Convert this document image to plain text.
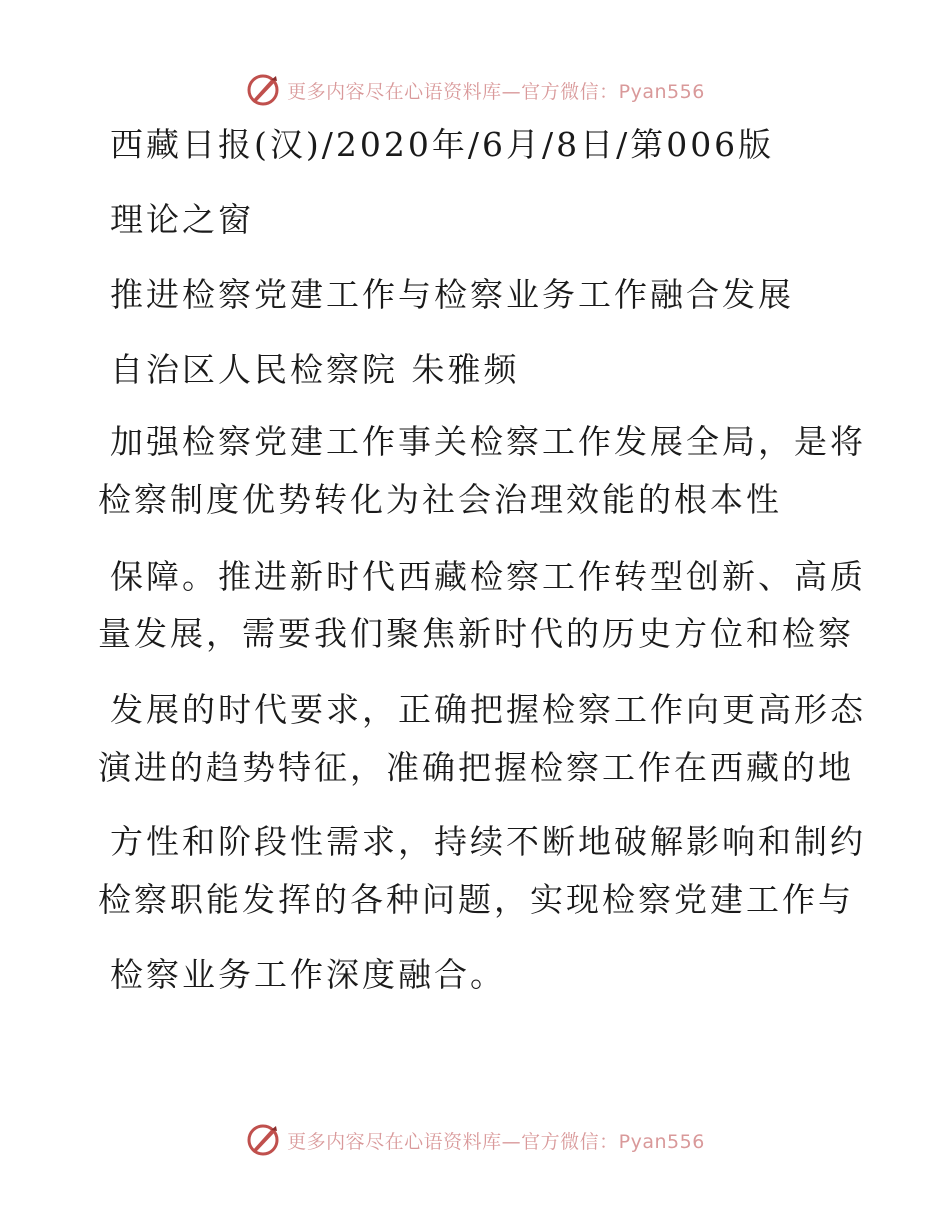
更多内容尽在心语资料库—官方微信：Pyan556
西藏日报(汉)/2020年/6月/8日/第006版
理论之窗
推进检察党建工作与检察业务工作融合发展
自治区人民检察院 朱雅频
加强检察党建工作事关检察工作发展全局，是将
检察制度优势转化为社会治理效能的根本性
保障。推进新时代西藏检察工作转型创新、高质
量发展，需要我们聚焦新时代的历史方位和检察
发展的时代要求，正确把握检察工作向更高形态
演进的趋势特征，准确把握检察工作在西藏的地
方性和阶段性需求，持续不断地破解影响和制约
检察职能发挥的各种问题，实现检察党建工作与
检察业务工作深度融合。
更多内容尽在心语资料库—官方微信：Pyan556
